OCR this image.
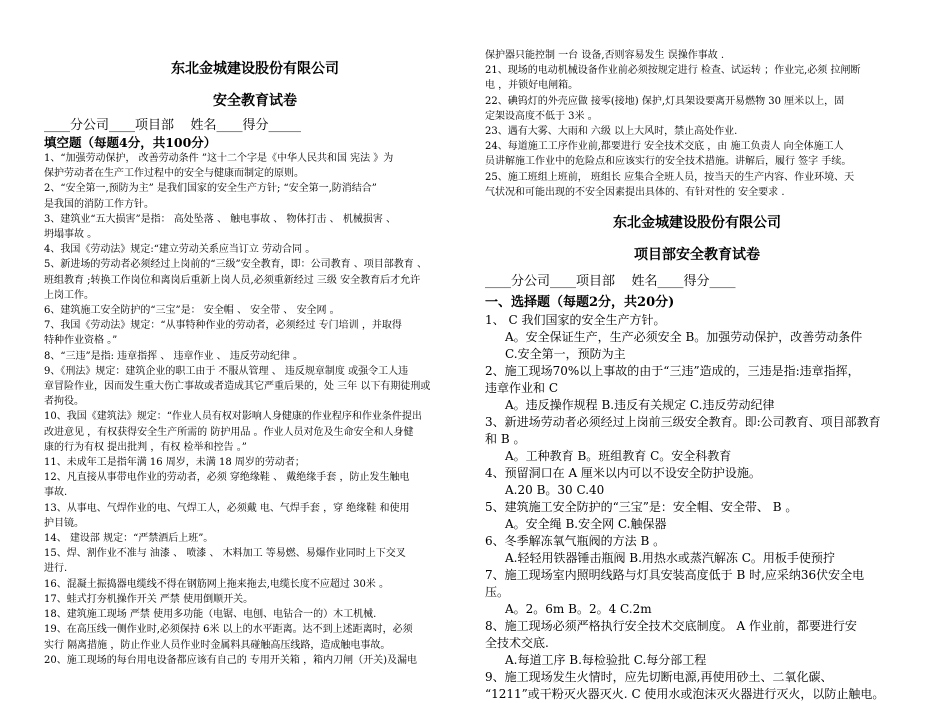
东北金城建设股份有限公司
安全教育试卷
____分公司____项目部    姓名____得分_____
填空题（每题4分，共100分）

1、“加强劳动保护， 改善劳动条件 ”这十二个字是《中华人民共和国 宪法 》为

保护劳动者在生产工作过程中的安全与健康而制定的原则。

2、“安全第一,预防为主” 是我们国家的安全生产方针; “安全第一,防消结合”

是我国的消防工作方针。

3、建筑业“五大损害”是指： 高处坠落 、 触电事故 、 物体打击 、 机械损害 、

坍塌事故 。

4、我国《劳动法》规定:“建立劳动关系应当订立 劳动合同 。

5、新进场的劳动者必须经过上岗前的“三级”安全教育，即：公司教育 、项目部教育 、

班组教育 ;转换工作岗位和离岗后重新上岗人员,必须重新经过 三级 安全教育后才允许

上岗工作。

6、建筑施工安全防护的“三宝”是： 安全帽 、 安全带 、 安全网 。

7、我国《劳动法》规定：“从事特种作业的劳动者，必须经过 专门培训 ，并取得

特种作业资格 。”

8、“三违”是指: 违章指挥 、 违章作业 、 违反劳动纪律 。

9、《刑法》规定：建筑企业的职工由于 不服从管理 、 违反规章制度 或强令工人违

章冒险作业，因而发生重大伤亡事故或者造成其它严重后果的，处 三年 以下有期徒刑或

者拘役。

10、我国《建筑法》规定：“作业人员有权对影响人身健康的作业程序和作业条件提出

改进意见 ，有权获得安全生产所需的 防护用品 。作业人员对危及生命安全和人身健

康的行为有权 提出批判 ，有权 检举和控告 。”

11、未成年工是指年满 16 周岁，未满 18 周岁的劳动者；

12、凡直接从事带电作业的劳动者，必须 穿绝缘鞋 、 戴绝缘手套 ，防止发生触电

事故.

13、从事电、气焊作业的电、气焊工人，必须戴 电、气焊手套 ，穿 绝缘鞋 和使用

护目镜。

14、 建设部 规定：“严禁酒后上班”。

15、焊、割作业不准与 油漆 、 喷漆 、 木料加工 等易燃、易爆作业同时上下交叉

进行.

16、混凝土振捣器电缆线不得在钢筋网上拖来拖去,电缆长度不应超过 30米 。

17、蛙式打夯机操作开关 严禁 使用倒顺开关。

18、建筑施工现场 严禁 使用多功能（电锯、电刨、电钻合一的）木工机械.

19、在高压线一侧作业时,必须保持 6米 以上的水平距离。达不到上述距离时，必须

实行 隔离措施 ，防止作业人员作业时金属料具碰触高压线路，造成触电事故。

20、施工现场的每台用电设备都应该有自己的 专用开关箱 ，箱内刀闸（开关)及漏电

保护器只能控制 一台 设备,否则容易发生 误操作事故 .

21、现场的电动机械设备作业前必须按规定进行 检查、试运转 ；作业完,必须 拉闸断

电 ，并锁好电闸箱。

22、碘钨灯的外壳应做 接零(接地) 保护,灯具架设要离开易燃物 30 厘米以上，固

定架设高度不低于 3米 。

23、遇有大雾、大雨和 六级 以上大风时，禁止高处作业.

24、每道施工工序作业前,都要进行 安全技术交底 ，由 施工负责人 向全体施工人

员讲解施工作业中的危险点和应该实行的安全技术措施。讲解后，履行 签字 手续。

25、施工班组上班前， 班组长 应集合全班人员，按当天的生产内容、作业环境、天

气状况和可能出现的不安全因素提出具体的、有针对性的 安全要求 .

东北金城建设股份有限公司
项目部安全教育试卷
____分公司____项目部    姓名____得分____
一、选择题（每题2分，共20分)

1、 C 我们国家的安全生产方针。

A。安全保证生产，生产必须安全 B。加强劳动保护，改善劳动条件

C.安全第一，预防为主

2、施工现场70%以上事故的由于“三违”造成的，三违是指:违章指挥，

违章作业和 C

A。违反操作规程 B.违反有关规定 C.违反劳动纪律

3、新进场劳动者必须经过上岗前三级安全教育。即:公司教育、项目部教育

和 B 。

A。工种教育 B。班组教育 C。安全科教育

4、预留洞口在 A 厘米以内可以不设安全防护设施。

A.20 B。30 C.40

5、建筑施工安全防护的“三宝”是：安全帽、安全带、 B 。

A。安全绳 B.安全网 C.触保器

6、冬季解冻氧气瓶阀的方法 B 。

A.轻轻用铁器锤击瓶阀 B.用热水或蒸汽解冻 C。用板手使预拧

7、施工现场室内照明线路与灯具安装高度低于 B 时,应采纳36伏安全电

压。

A。2。6m B。2。4 C.2m

8、施工现场必须严格执行安全技术交底制度。 A 作业前，都要进行安

全技术交底.

A.每道工序 B.每检验批 C.每分部工程

9、施工现场发生火情时，应先切断电源,再使用砂土、二氧化碳、

“1211”或干粉灭火器灭火. C 使用水或泡沫灭火器进行灭火，以防止触电。
